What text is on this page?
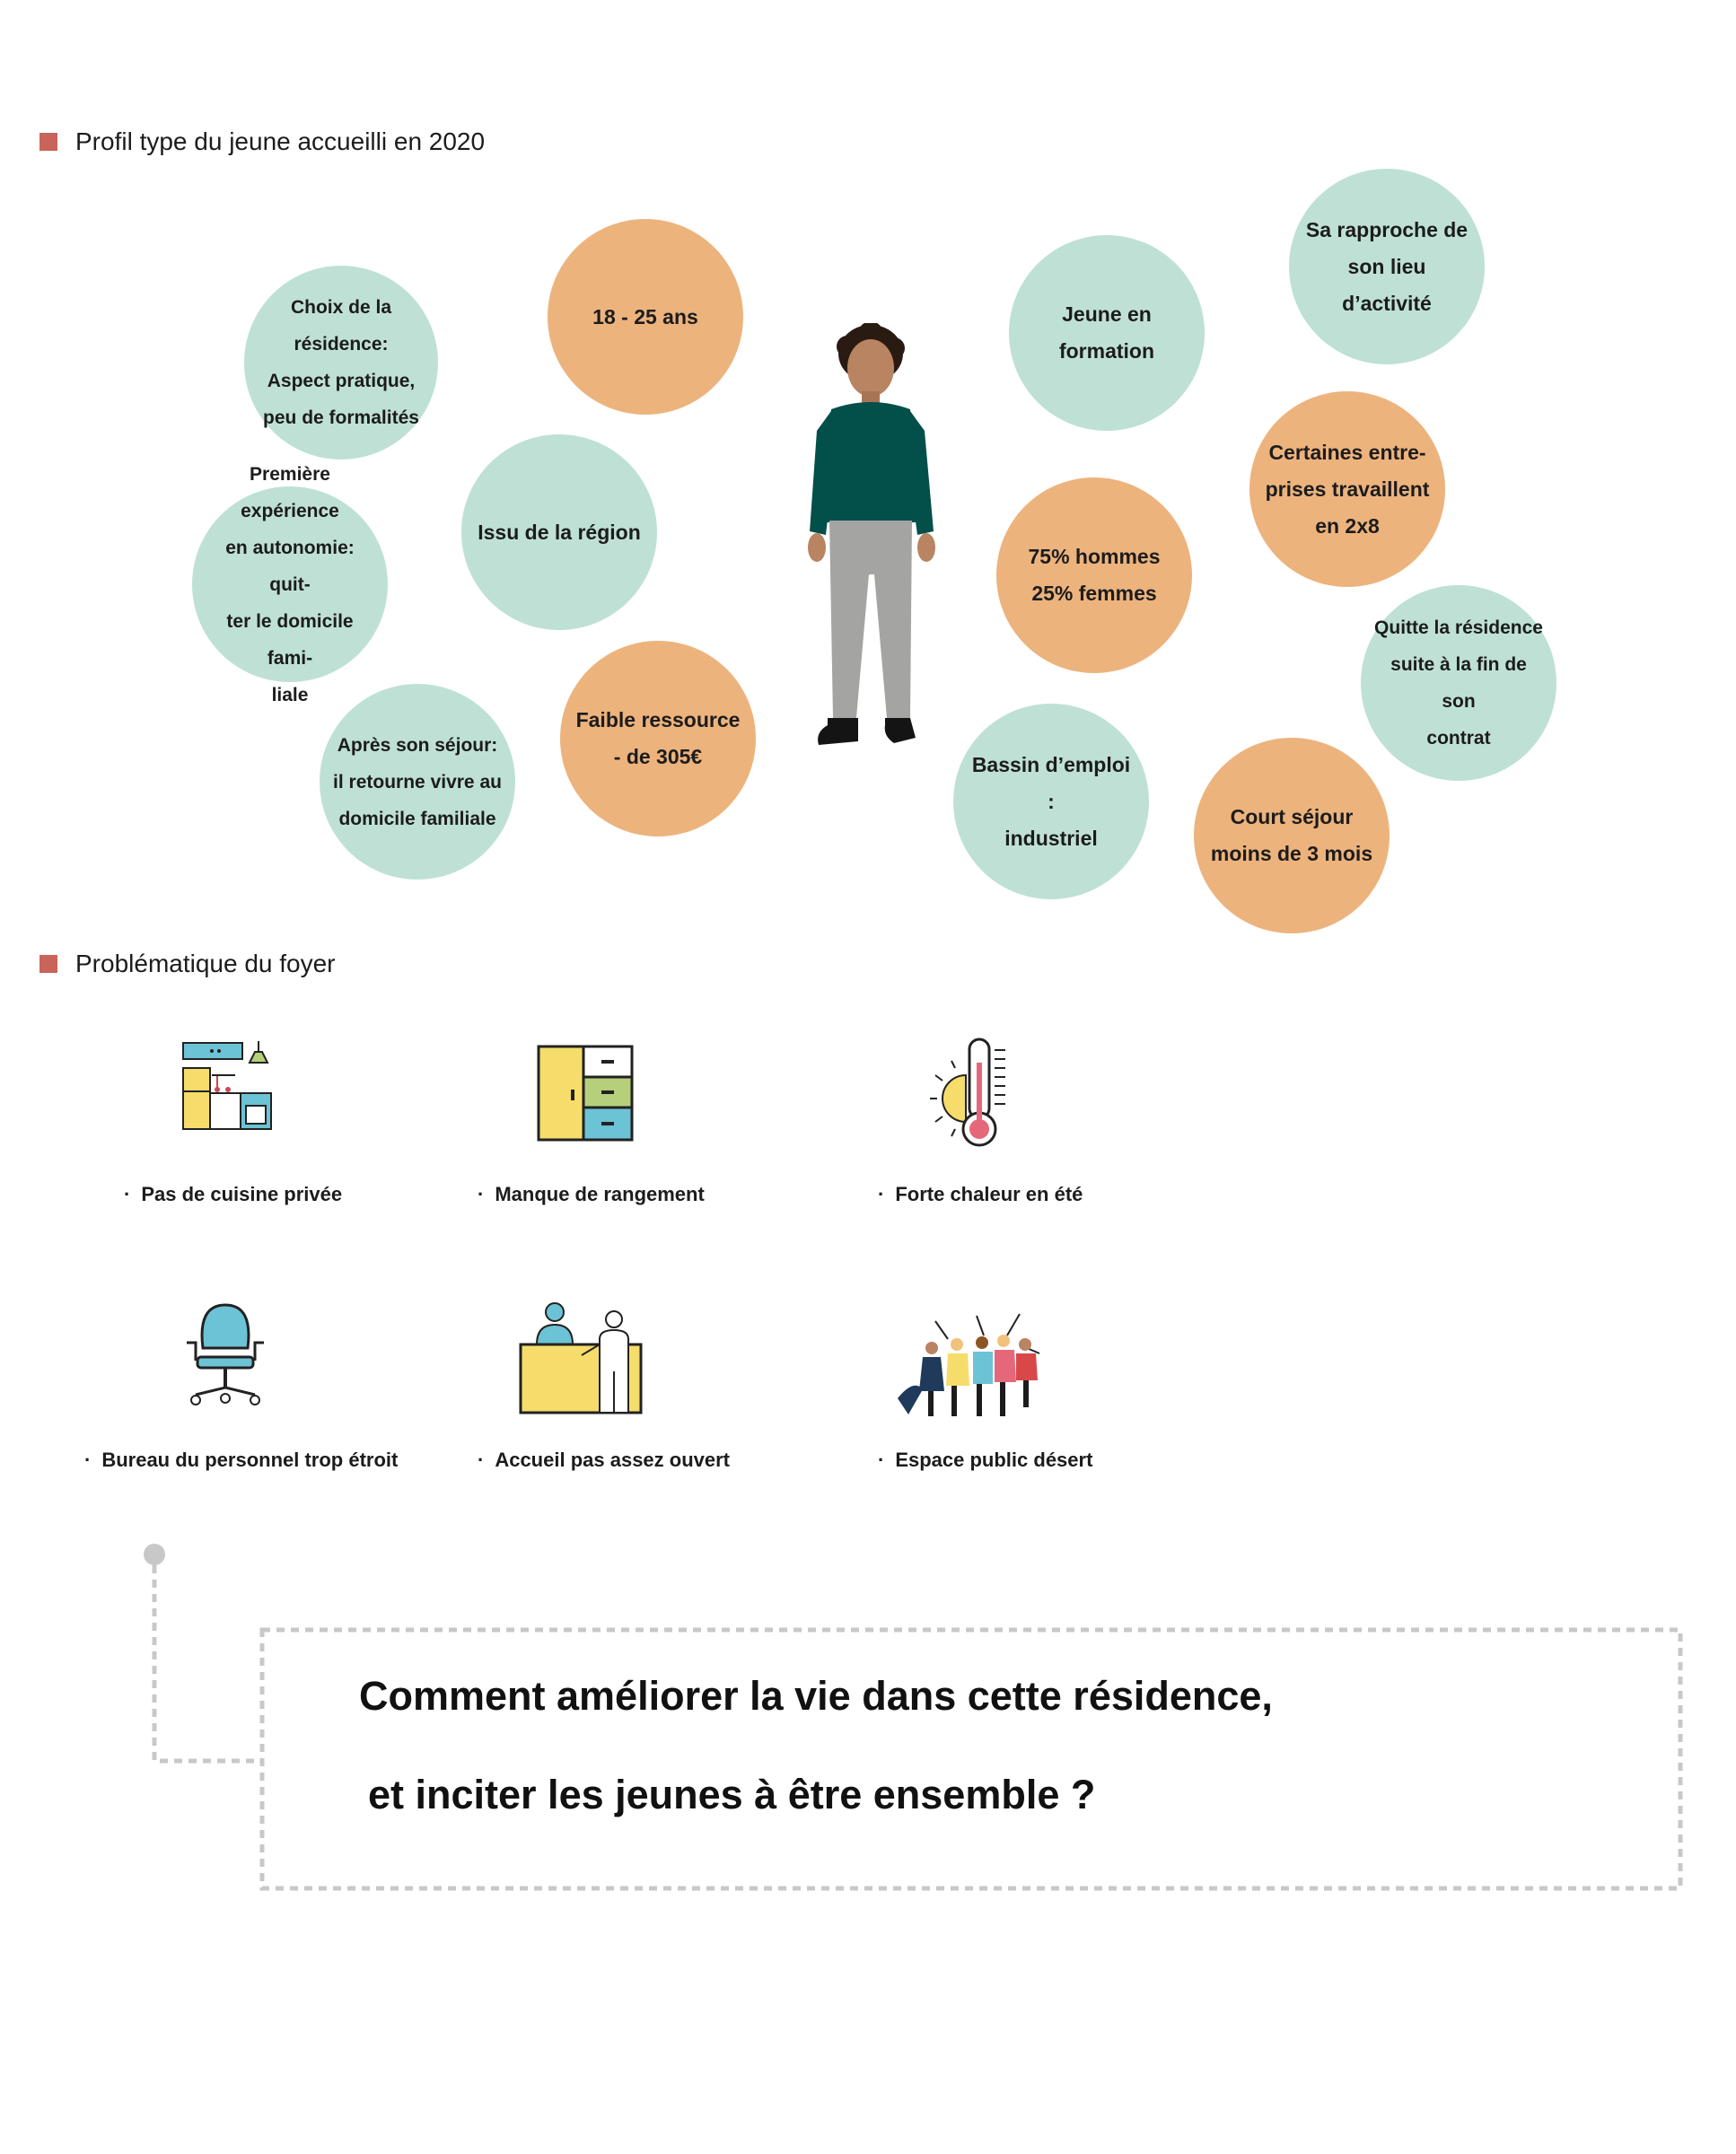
Profil type du jeune accueilli en 2020
Choix de la résidence:
Aspect pratique,
peu de formalités
18 - 25 ans
Issu de la région
Première expérience
en autonomie: quit-
ter le domicile fami-
liale
Faible ressource
- de 305€
Après son séjour:
il retourne vivre au
domicile familiale
Jeune en
formation
Sa rapproche de
son lieu d’activité
Certaines entre-
prises travaillent
en 2x8
75% hommes
25% femmes
Quitte la résidence
suite à la fin de son
contrat
Bassin d’emploi :
industriel
Court séjour
moins de 3 mois
Problématique du foyer
· Pas de cuisine privée	· Manque de rangement	· Forte chaleur en été
· Bureau du personnel trop étroit	· Accueil pas assez ouvert	· Espace public désert
Comment améliorer la vie dans cette résidence,
et inciter les jeunes à être ensemble ?
